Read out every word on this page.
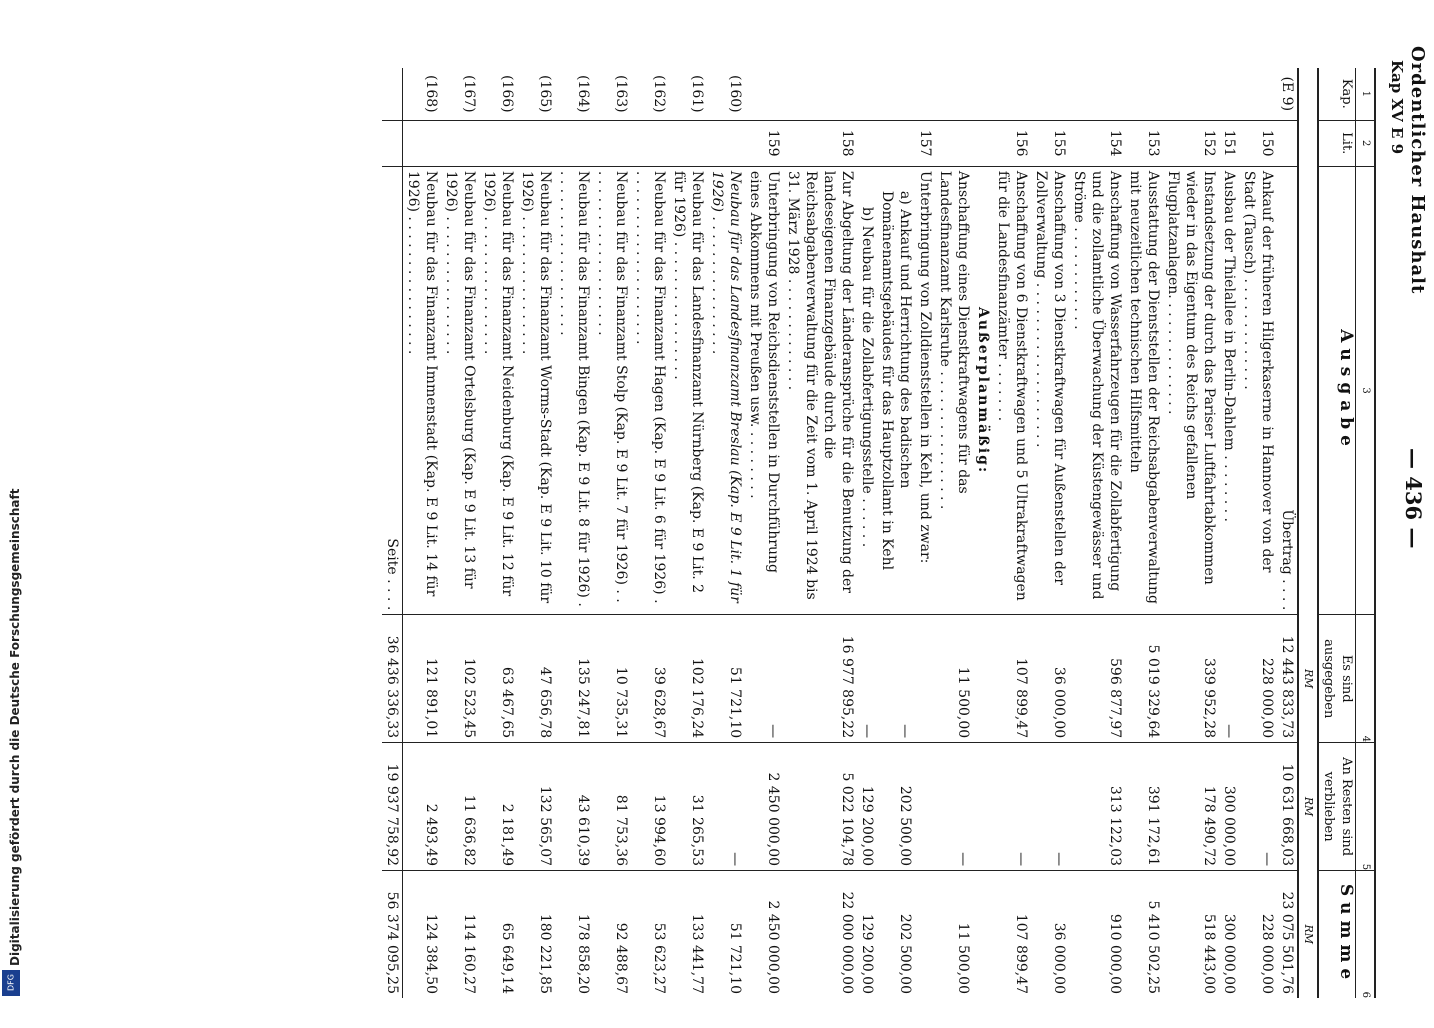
Digitalisierung gefördert durch die Deutsche Forschungsgemeinschaft
DFG
Ordentlicher Haushalt
Kap XV E 9
— 436 —
1	2	3	4	5	6
Kap.	Lit.	Ausgabe	Es sind ausgegeben	An Resten sind verblieben	Summe
			RM	RM	RM
(E 9)		Übertrag . . . .	12 443 833,73	10 631 668,03	23 075 501,76
	150	Ankauf der früheren Hilgerkaserne in Hannover von der Stadt (Tausch) . . . . . . . . . . . . .	228 000,00	—	228 000,00
	151	Ausbau der Thielallee in Berlin-Dahlem . . . . . . . .	—	300 000,00	300 000,00
	152	Instandsetzung der durch das Pariser Luftfahrtabkommen wieder in das Eigentum des Reichs gefallenen Flugplatzanlagen. . . . . . . . . . . . . .	339 952,28	178 490,72	518 443,00
	153	Ausstattung der Dienststellen der Reichsabgabenverwaltung mit neuzeitlichen technischen Hilfsmitteln	5 019 329,64	391 172,61	5 410 502,25
	154	Anschaffung von Wasserfahrzeugen für die Zollabfertigung und die zollamtliche Überwachung der Küstengewässer und Ströme . . . . . . . . . . . .	596 877,97	313 122,03	910 000,00
	155	Anschaffung von 3 Dienstkraftwagen für Außenstellen der Zollverwaltung . . . . . . . . . . . . . . . . . . .	36 000,00	—	36 000,00
	156	Anschaffung von 6 Dienstkraftwagen und 5 Ultrakraftwagen für die Landesfinanzämter . . . . . . .	107 899,47	—	107 899,47
		Außerplanmäßig:			
		Anschaffung eines Dienstkraftwagens für das Landesfinanzamt Karlsruhe . . . . . . . . . . . . . . . .	11 500,00	—	11 500,00
	157	Unterbringung von Zolldienststellen in Kehl, und zwar:			
		a) Ankauf und Herrichtung des badischen Domänenamtsgebäudes für das Hauptzollamt in Kehl	—	202 500,00	202 500,00
		b) Neubau für die Zollabfertigungsstelle . . . . . .	—	129 200,00	129 200,00
	158	Zur Abgeltung der Länderansprüche für die Benutzung der landeseigenen Finanzgebäude durch die Reichsabgabenverwaltung für die Zeit vom 1. April 1924 bis 31. März 1928 . . . . . . . . . . . . .	16 977 895,22	5 022 104,78	22 000 000,00
	159	Unterbringung von Reichsdienststellen in Durchführung eines Abkommens mit Preußen usw. . . . . . . . .	—	2 450 000,00	2 450 000,00
(160)		Neubau für das Landesfinanzamt Breslau (Kap. E 9 Lit. 1 für 1926) . . . . . . . . . . . . . . . .	51 721,10	—	51 721,10
(161)		Neubau für das Landesfinanzamt Nürnberg (Kap. E 9 Lit. 2 für 1926) . . . . . . . . . . . . . . . .	102 176,24	31 265,53	133 441,77
(162)		Neubau für das Finanzamt Hagen (Kap. E 9 Lit. 6 für 1926) . . . . . . . . . . . . . . . . . . . . .	39 628,67	13 994,60	53 623,27
(163)		Neubau für das Finanzamt Stolp (Kap. E 9 Lit. 7 für 1926) . . . . . . . . . . . . . . . . . . . . .	10 735,31	81 753,36	92 488,67
(164)		Neubau für das Finanzamt Bingen (Kap. E 9 Lit. 8 für 1926) . . . . . . . . . . . . . . . . . . . .	135 247,81	43 610,39	178 858,20
(165)		Neubau für das Finanzamt Worms-Stadt (Kap. E 9 Lit. 10 für 1926) . . . . . . . . . . . . . . . .	47 656,78	132 565,07	180 221,85
(166)		Neubau für das Finanzamt Neidenburg (Kap. E 9 Lit. 12 für 1926) . . . . . . . . . . . . . . . .	63 467,65	2 181,49	65 649,14
(167)		Neubau für das Finanzamt Ortelsburg (Kap. E 9 Lit. 13 für 1926) . . . . . . . . . . . . . . . .	102 523,45	11 636,82	114 160,27
(168)		Neubau für das Finanzamt Immenstadt (Kap. E 9 Lit. 14 für 1926) . . . . . . . . . . . . . . . .	121 891,01	2 493,49	124 384,50
		Seite . . . .	36 436 336,33	19 937 758,92	56 374 095,25
